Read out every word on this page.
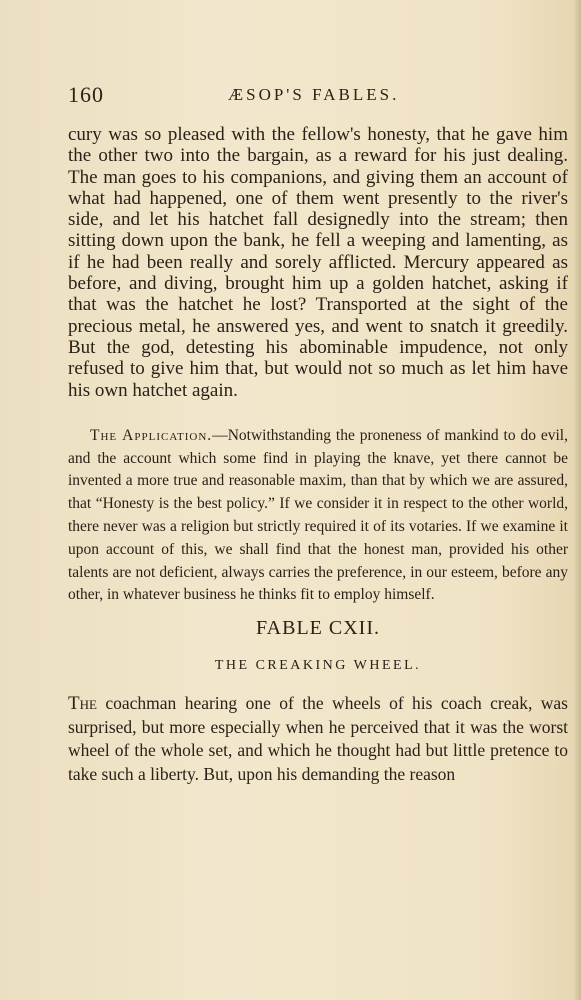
160	ÆSOP'S FABLES.

cury was so pleased with the fellow's honesty, that he gave him the other two into the bargain, as a reward for his just dealing. The man goes to his companions, and giving them an account of what had happened, one of them went presently to the river's side, and let his hatchet fall designedly into the stream; then sitting down upon the bank, he fell a weeping and lamenting, as if he had been really and sorely afflicted. Mercury appeared as before, and diving, brought him up a golden hatchet, asking if that was the hatchet he lost? Transported at the sight of the precious metal, he answered yes, and went to snatch it greedily. But the god, detesting his abominable impudence, not only refused to give him that, but would not so much as let him have his own hatchet again.

The Application.—Notwithstanding the proneness of mankind to do evil, and the account which some find in playing the knave, yet there cannot be invented a more true and reasonable maxim, than that by which we are assured, that “Honesty is the best policy.” If we consider it in respect to the other world, there never was a religion but strictly required it of its votaries. If we examine it upon account of this, we shall find that the honest man, provided his other talents are not deficient, always carries the preference, in our esteem, before any other, in whatever business he thinks fit to employ himself.

FABLE CXII.

THE CREAKING WHEEL.

The coachman hearing one of the wheels of his coach creak, was surprised, but more especially when he perceived that it was the worst wheel of the whole set, and which he thought had but little pretence to take such a liberty. But, upon his demanding the reason
